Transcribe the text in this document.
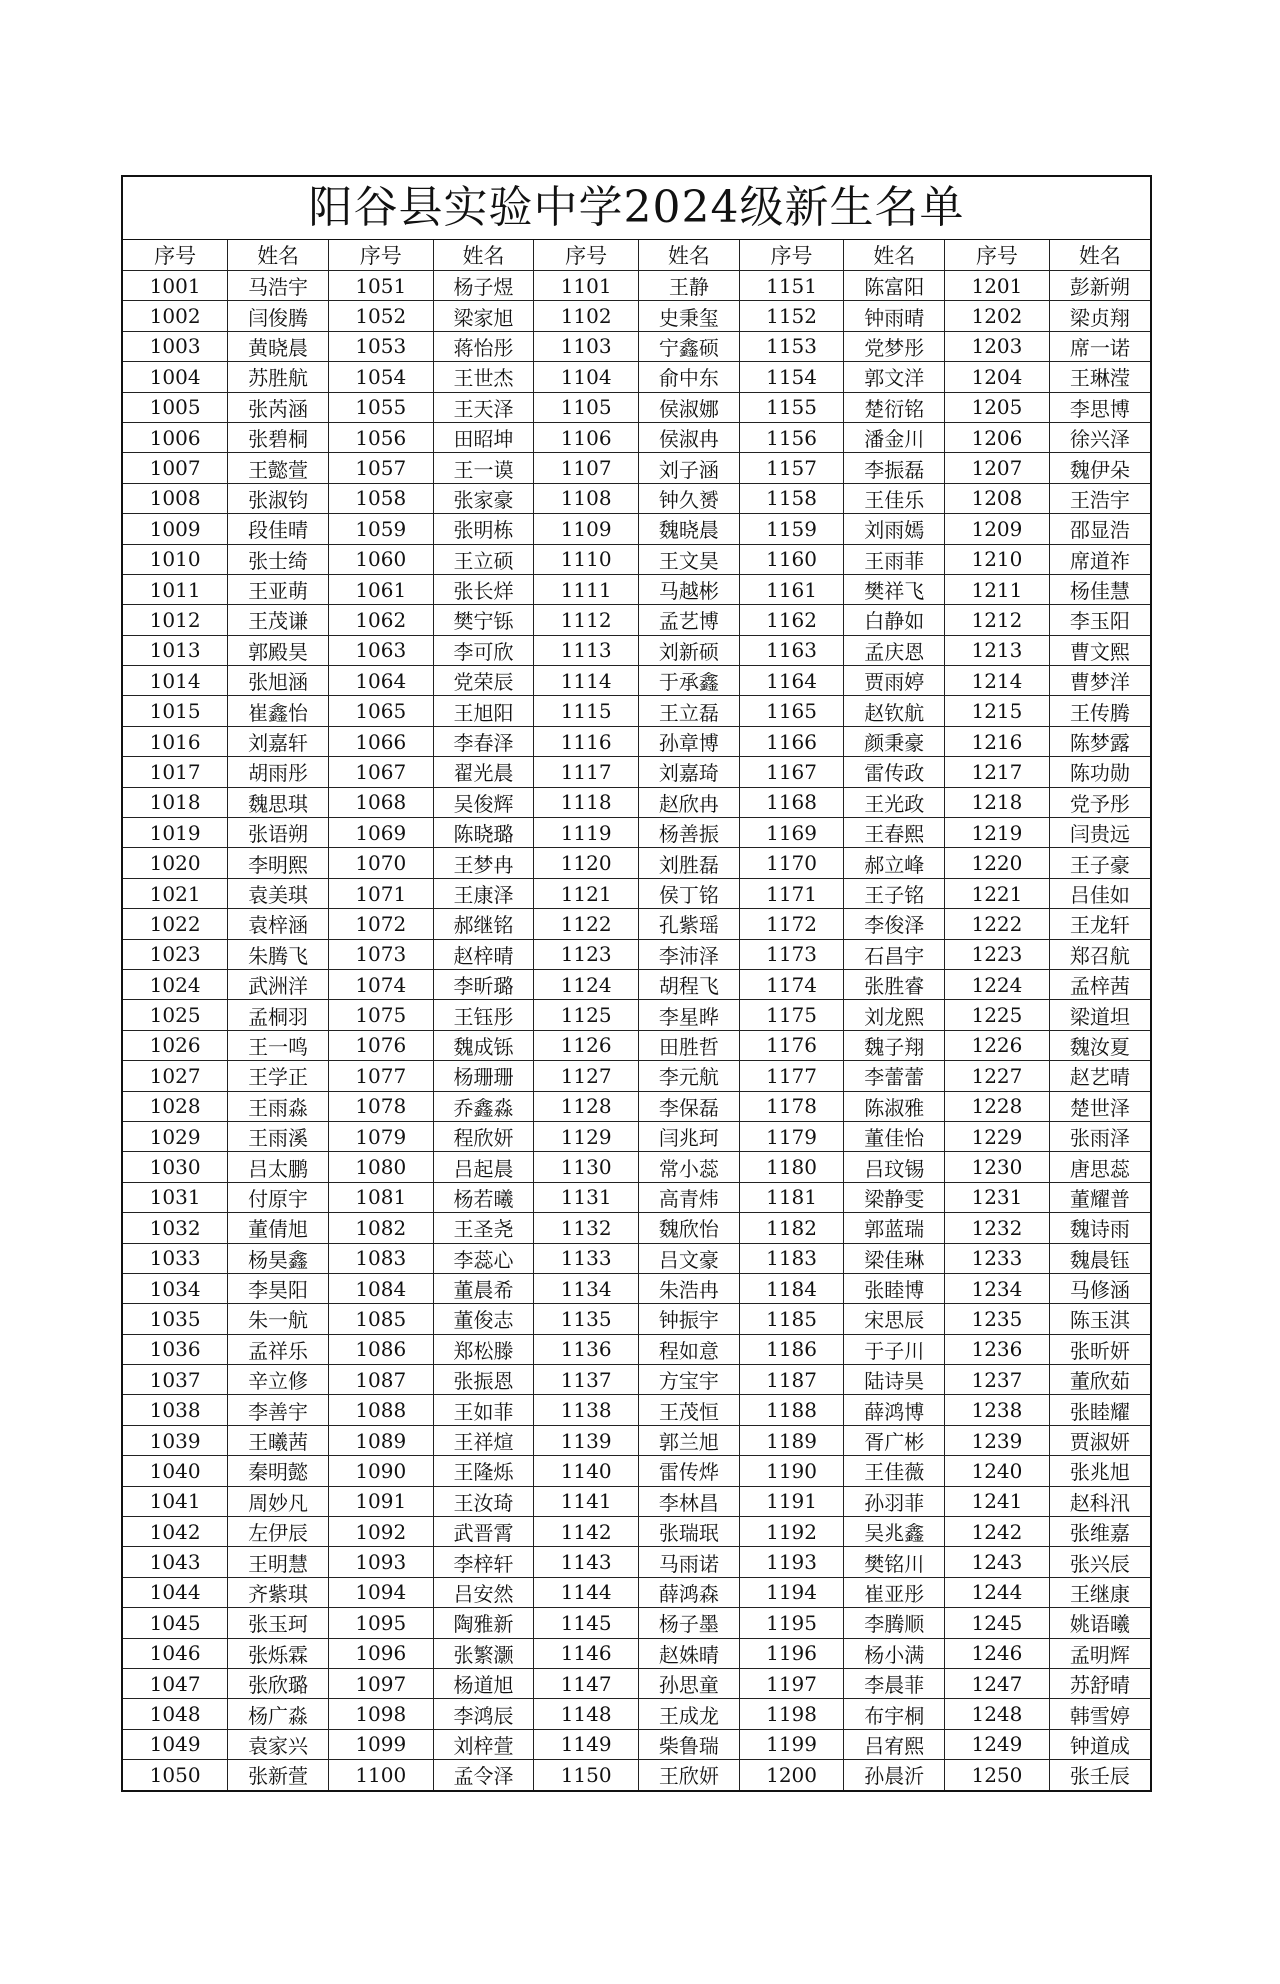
阳谷县实验中学2024级新生名单
序号	姓名	序号	姓名	序号	姓名	序号	姓名	序号	姓名
1001	马浩宇	1051	杨子煜	1101	王静	1151	陈富阳	1201	彭新朔
1002	闫俊腾	1052	梁家旭	1102	史秉玺	1152	钟雨晴	1202	梁贞翔
1003	黄晓晨	1053	蒋怡彤	1103	宁鑫硕	1153	党梦彤	1203	席一诺
1004	苏胜航	1054	王世杰	1104	俞中东	1154	郭文洋	1204	王琳滢
1005	张芮涵	1055	王天泽	1105	侯淑娜	1155	楚衍铭	1205	李思博
1006	张碧桐	1056	田昭坤	1106	侯淑冉	1156	潘金川	1206	徐兴泽
1007	王懿萱	1057	王一谟	1107	刘子涵	1157	李振磊	1207	魏伊朵
1008	张淑钧	1058	张家豪	1108	钟久赟	1158	王佳乐	1208	王浩宇
1009	段佳晴	1059	张明栋	1109	魏晓晨	1159	刘雨嫣	1209	邵显浩
1010	张士绮	1060	王立硕	1110	王文昊	1160	王雨菲	1210	席道祚
1011	王亚萌	1061	张长烊	1111	马越彬	1161	樊祥飞	1211	杨佳慧
1012	王茂谦	1062	樊宁铄	1112	孟艺博	1162	白静如	1212	李玉阳
1013	郭殿昊	1063	李可欣	1113	刘新硕	1163	孟庆恩	1213	曹文熙
1014	张旭涵	1064	党荣辰	1114	于承鑫	1164	贾雨婷	1214	曹梦洋
1015	崔鑫怡	1065	王旭阳	1115	王立磊	1165	赵钦航	1215	王传腾
1016	刘嘉轩	1066	李春泽	1116	孙章博	1166	颜秉豪	1216	陈梦露
1017	胡雨彤	1067	翟光晨	1117	刘嘉琦	1167	雷传政	1217	陈功勋
1018	魏思琪	1068	吴俊辉	1118	赵欣冉	1168	王光政	1218	党予彤
1019	张语朔	1069	陈晓璐	1119	杨善振	1169	王春熙	1219	闫贵远
1020	李明熙	1070	王梦冉	1120	刘胜磊	1170	郝立峰	1220	王子豪
1021	袁美琪	1071	王康泽	1121	侯丁铭	1171	王子铭	1221	吕佳如
1022	袁梓涵	1072	郝继铭	1122	孔紫瑶	1172	李俊泽	1222	王龙轩
1023	朱腾飞	1073	赵梓晴	1123	李沛泽	1173	石昌宇	1223	郑召航
1024	武洲洋	1074	李昕璐	1124	胡程飞	1174	张胜睿	1224	孟梓茜
1025	孟桐羽	1075	王钰彤	1125	李星晔	1175	刘龙熙	1225	梁道坦
1026	王一鸣	1076	魏成铄	1126	田胜哲	1176	魏子翔	1226	魏汝夏
1027	王学正	1077	杨珊珊	1127	李元航	1177	李蕾蕾	1227	赵艺晴
1028	王雨淼	1078	乔鑫淼	1128	李保磊	1178	陈淑雅	1228	楚世泽
1029	王雨溪	1079	程欣妍	1129	闫兆珂	1179	董佳怡	1229	张雨泽
1030	吕太鹏	1080	吕起晨	1130	常小蕊	1180	吕玟锡	1230	唐思蕊
1031	付原宇	1081	杨若曦	1131	高青炜	1181	梁静雯	1231	董耀普
1032	董倩旭	1082	王圣尧	1132	魏欣怡	1182	郭蓝瑞	1232	魏诗雨
1033	杨昊鑫	1083	李蕊心	1133	吕文豪	1183	梁佳琳	1233	魏晨钰
1034	李昊阳	1084	董晨希	1134	朱浩冉	1184	张睦博	1234	马修涵
1035	朱一航	1085	董俊志	1135	钟振宇	1185	宋思辰	1235	陈玉淇
1036	孟祥乐	1086	郑松滕	1136	程如意	1186	于子川	1236	张昕妍
1037	辛立修	1087	张振恩	1137	方宝宇	1187	陆诗昊	1237	董欣茹
1038	李善宇	1088	王如菲	1138	王茂恒	1188	薛鸿博	1238	张睦耀
1039	王曦茜	1089	王祥煊	1139	郭兰旭	1189	胥广彬	1239	贾淑妍
1040	秦明懿	1090	王隆烁	1140	雷传烨	1190	王佳薇	1240	张兆旭
1041	周妙凡	1091	王汝琦	1141	李林昌	1191	孙羽菲	1241	赵科汛
1042	左伊辰	1092	武晋霄	1142	张瑞珉	1192	吴兆鑫	1242	张维嘉
1043	王明慧	1093	李梓轩	1143	马雨诺	1193	樊铭川	1243	张兴辰
1044	齐紫琪	1094	吕安然	1144	薛鸿森	1194	崔亚彤	1244	王继康
1045	张玉珂	1095	陶雅新	1145	杨子墨	1195	李腾顺	1245	姚语曦
1046	张烁霖	1096	张繁灏	1146	赵姝晴	1196	杨小满	1246	孟明辉
1047	张欣璐	1097	杨道旭	1147	孙思童	1197	李晨菲	1247	苏舒晴
1048	杨广淼	1098	李鸿辰	1148	王成龙	1198	布宇桐	1248	韩雪婷
1049	袁家兴	1099	刘梓萱	1149	柴鲁瑞	1199	吕宥熙	1249	钟道成
1050	张新萱	1100	孟令泽	1150	王欣妍	1200	孙晨沂	1250	张壬辰
